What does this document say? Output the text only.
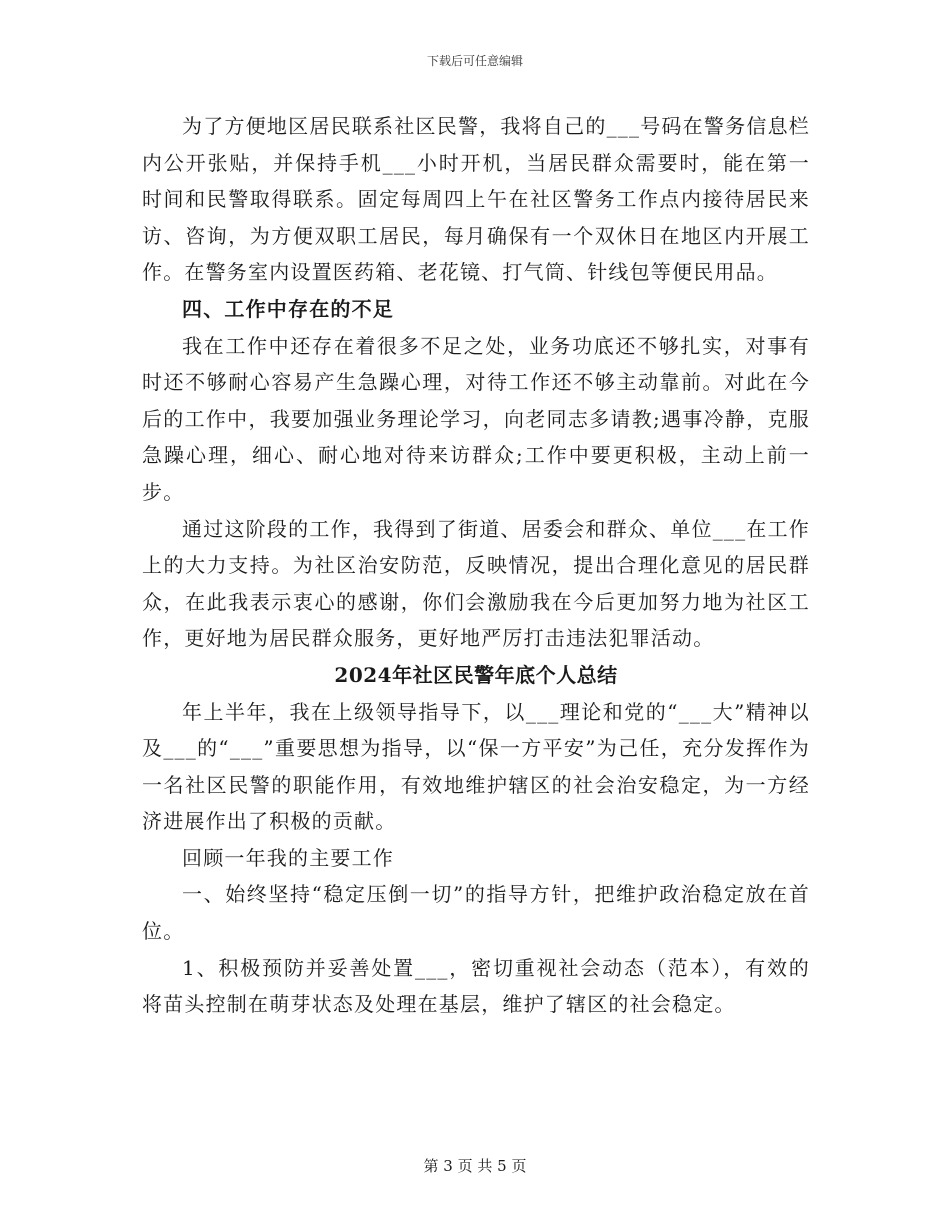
下载后可任意编辑

为了方便地区居民联系社区民警，我将自己的___号码在警务信息栏内公开张贴，并保持手机___小时开机，当居民群众需要时，能在第一时间和民警取得联系。固定每周四上午在社区警务工作点内接待居民来访、咨询，为方便双职工居民，每月确保有一个双休日在地区内开展工作。在警务室内设置医药箱、老花镜、打气筒、针线包等便民用品。

四、工作中存在的不足

我在工作中还存在着很多不足之处，业务功底还不够扎实，对事有时还不够耐心容易产生急躁心理，对待工作还不够主动靠前。对此在今后的工作中，我要加强业务理论学习，向老同志多请教;遇事冷静，克服急躁心理，细心、耐心地对待来访群众;工作中要更积极，主动上前一步。

通过这阶段的工作，我得到了街道、居委会和群众、单位___在工作上的大力支持。为社区治安防范，反映情况，提出合理化意见的居民群众，在此我表示衷心的感谢，你们会激励我在今后更加努力地为社区工作，更好地为居民群众服务，更好地严厉打击违法犯罪活动。

2024年社区民警年底个人总结

年上半年，我在上级领导指导下，以___理论和党的“___大”精神以及___的“___”重要思想为指导，以“保一方平安”为己任，充分发挥作为一名社区民警的职能作用，有效地维护辖区的社会治安稳定，为一方经济进展作出了积极的贡献。

回顾一年我的主要工作

一、始终坚持“稳定压倒一切”的指导方针，把维护政治稳定放在首位。

1、积极预防并妥善处置___，密切重视社会动态（范本），有效的将苗头控制在萌芽状态及处理在基层，维护了辖区的社会稳定。

第 3 页 共 5 页
